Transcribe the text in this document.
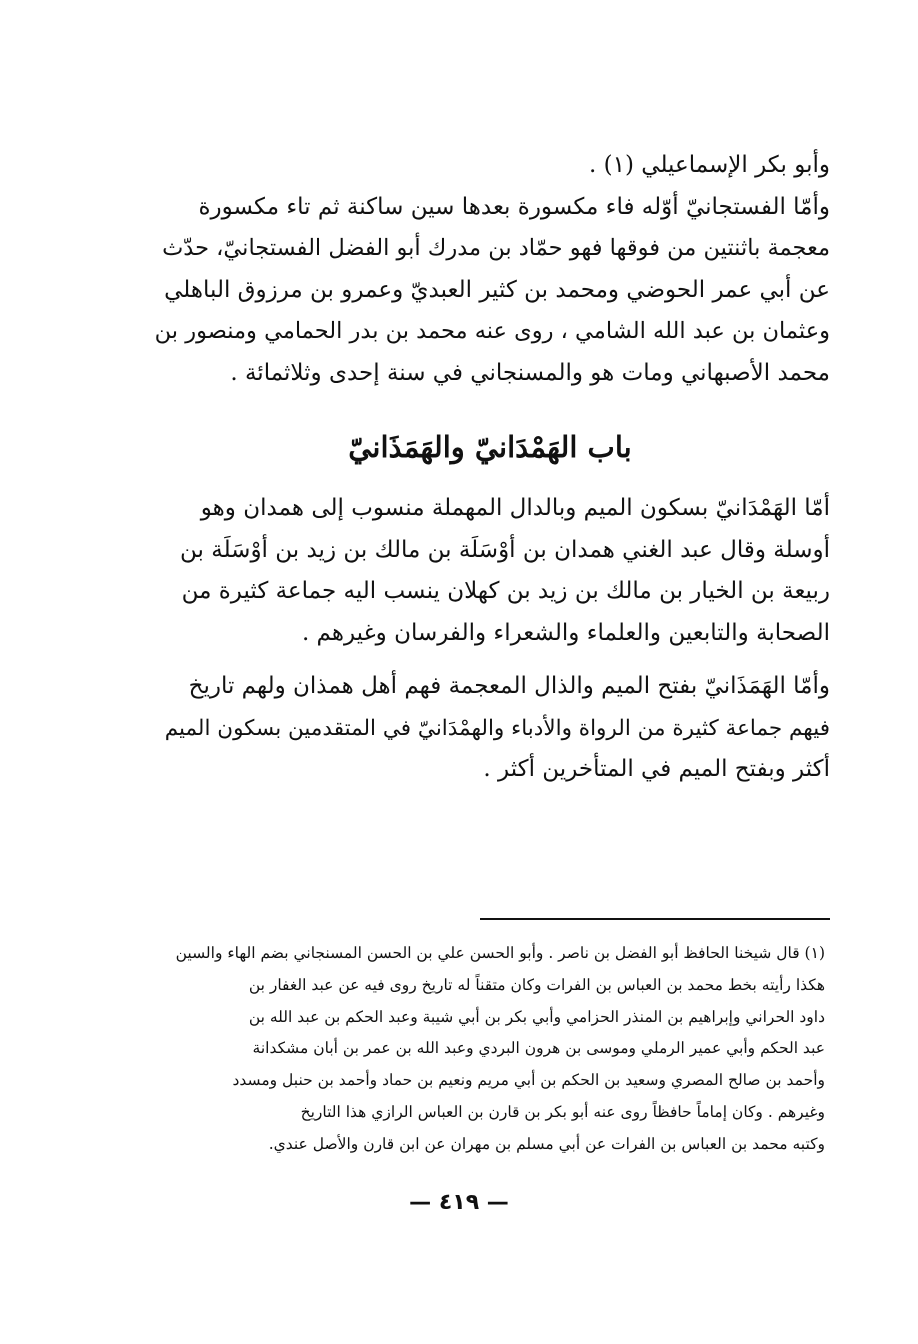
وأبو بكر الإسماعيلي (١) .
وأمّا الفستجانيّ أوّله فاء مكسورة بعدها سين ساكنة ثم تاء مكسورة
معجمة باثنتين من فوقها فهو حمّاد بن مدرك أبو الفضل الفستجانيّ، حدّث
عن أبي عمر الحوضي ومحمد بن كثير العبديّ وعمرو بن مرزوق الباهلي
وعثمان بن عبد الله الشامي ، روى عنه محمد بن بدر الحمامي ومنصور بن
محمد الأصبهاني ومات هو والمسنجاني في سنة إحدى وثلاثمائة .
باب الهَمْدَانيّ والهَمَذَانيّ
أمّا الهَمْدَانيّ بسكون الميم وبالدال المهملة منسوب إلى همدان وهو
أوسلة وقال عبد الغني همدان بن أوْسَلَة بن مالك بن زيد بن أوْسَلَة بن
ربيعة بن الخيار بن مالك بن زيد بن كهلان ينسب اليه جماعة كثيرة من
الصحابة والتابعين والعلماء والشعراء والفرسان وغيرهم .
وأمّا الهَمَذَانيّ بفتح الميم والذال المعجمة فهم أهل همذان ولهم تاريخ
فيهم جماعة كثيرة من الرواة والأدباء والهمْدَانيّ في المتقدمين بسكون الميم
أكثر وبفتح الميم في المتأخرين أكثر .
(١) قال شيخنا الحافظ أبو الفضل بن ناصر . وأبو الحسن علي بن الحسن المسنجاني بضم الهاء والسين
هكذا رأيته بخط محمد بن العباس بن الفرات وكان متقناً له تاريخ روى فيه عن عبد الغفار بن
داود الحراني وإبراهيم بن المنذر الحزامي وأبي بكر بن أبي شيبة وعبد الحكم بن عبد الله بن
عبد الحكم وأبي عمير الرملي وموسى بن هرون البردي وعبد الله بن عمر بن أبان مشكدانة
وأحمد بن صالح المصري وسعيد بن الحكم بن أبي مريم ونعيم بن حماد وأحمد بن حنبل ومسدد
وغيرهم . وكان إماماً حافظاً روى عنه أبو بكر بن قارن بن العباس الرازي هذا التاريخ
وكتبه محمد بن العباس بن الفرات عن أبي مسلم بن مهران عن ابن قارن والأصل عندي.
— ٤١٩ —
